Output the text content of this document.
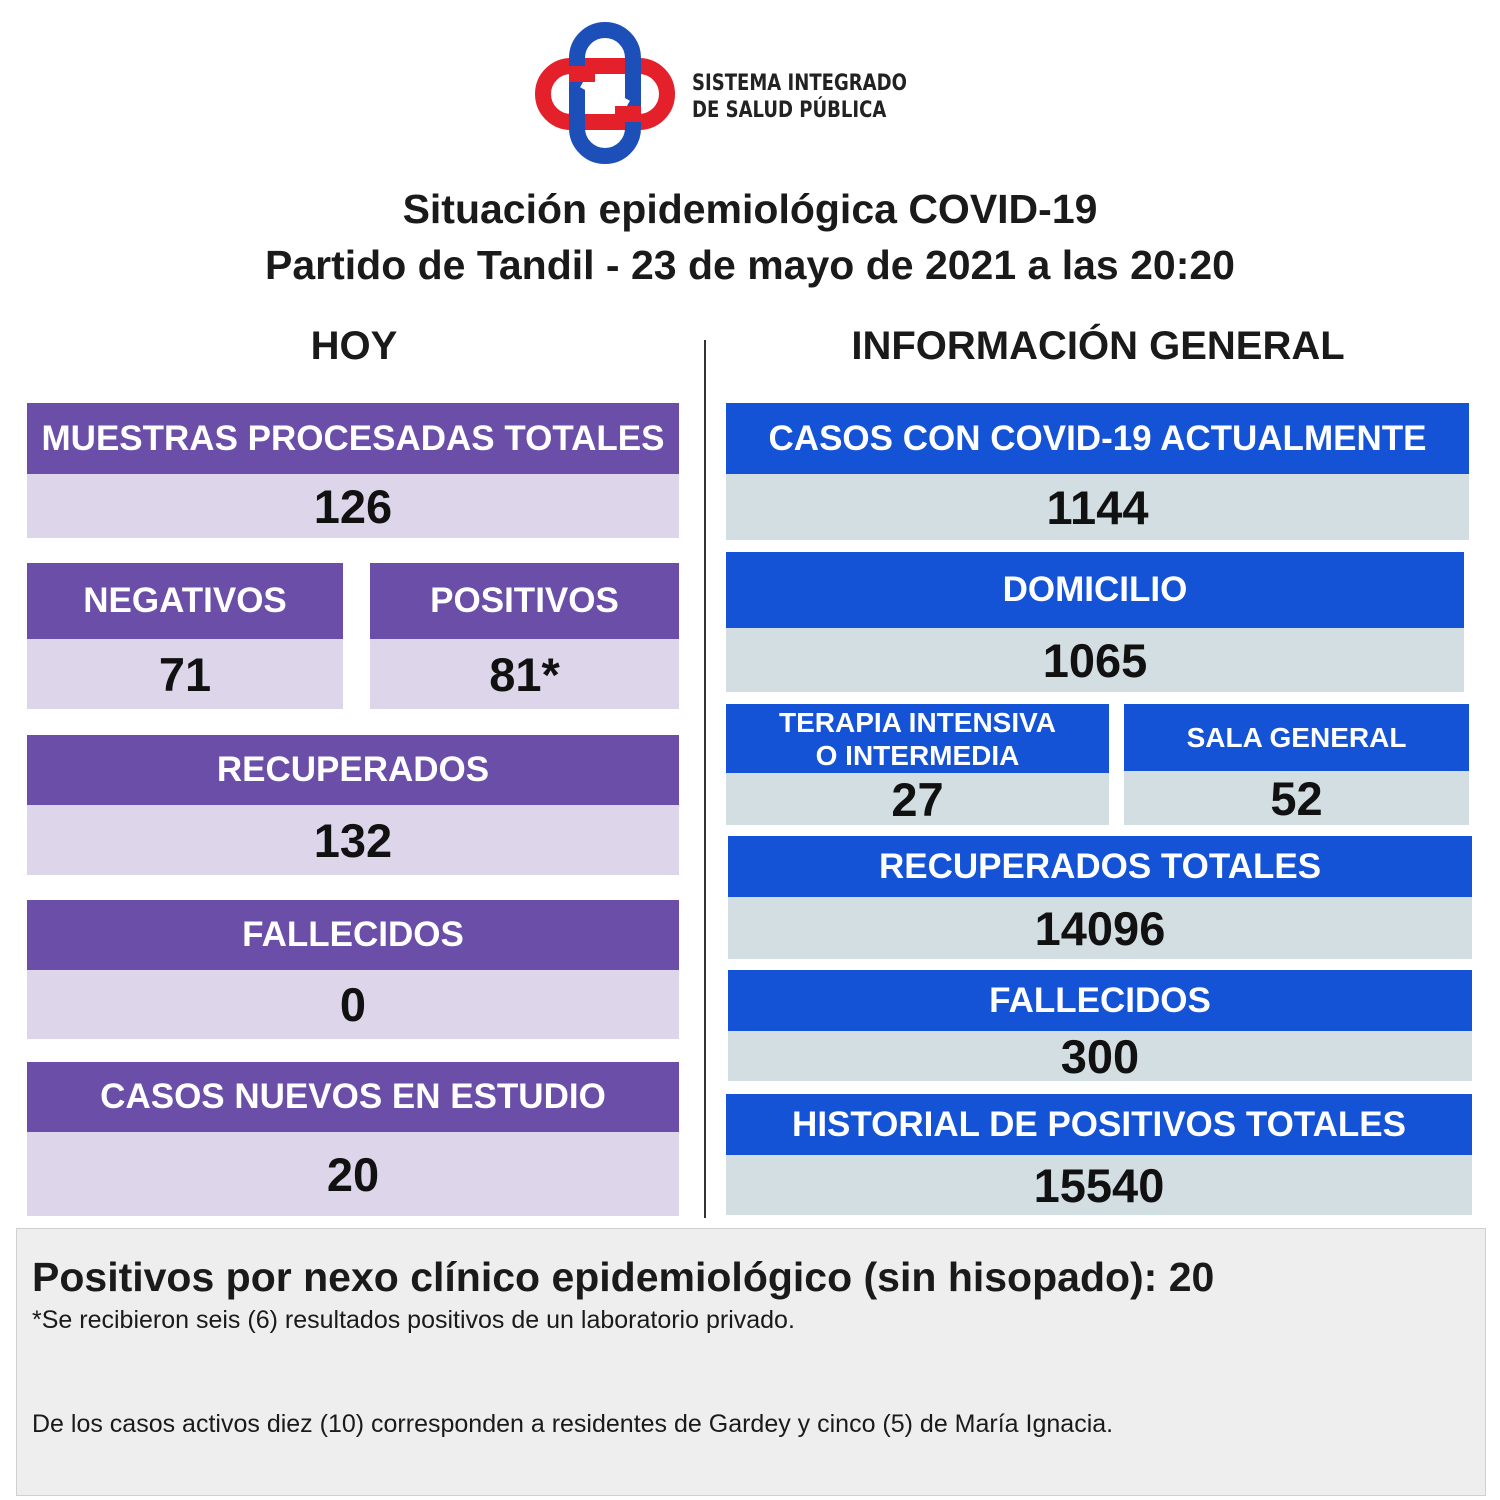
SISTEMA INTEGRADO
DE SALUD PÚBLICA
Situación epidemiológica COVID-19
Partido de Tandil - 23 de mayo de 2021 a las 20:20
HOY	INFORMACIÓN GENERAL
MUESTRAS PROCESADAS TOTALES
126
NEGATIVOS
71
POSITIVOS
81*
RECUPERADOS
132
FALLECIDOS
0
CASOS NUEVOS EN ESTUDIO
20
CASOS CON COVID-19 ACTUALMENTE
1144
DOMICILIO
1065
TERAPIA INTENSIVA
O INTERMEDIA
27
SALA GENERAL
52
RECUPERADOS TOTALES
14096
FALLECIDOS
300
HISTORIAL DE POSITIVOS TOTALES
15540
Positivos por nexo clínico epidemiológico (sin hisopado): 20
*Se recibieron seis (6) resultados positivos de un laboratorio privado.
De los casos activos diez (10) corresponden a residentes de Gardey y cinco (5) de María Ignacia.
